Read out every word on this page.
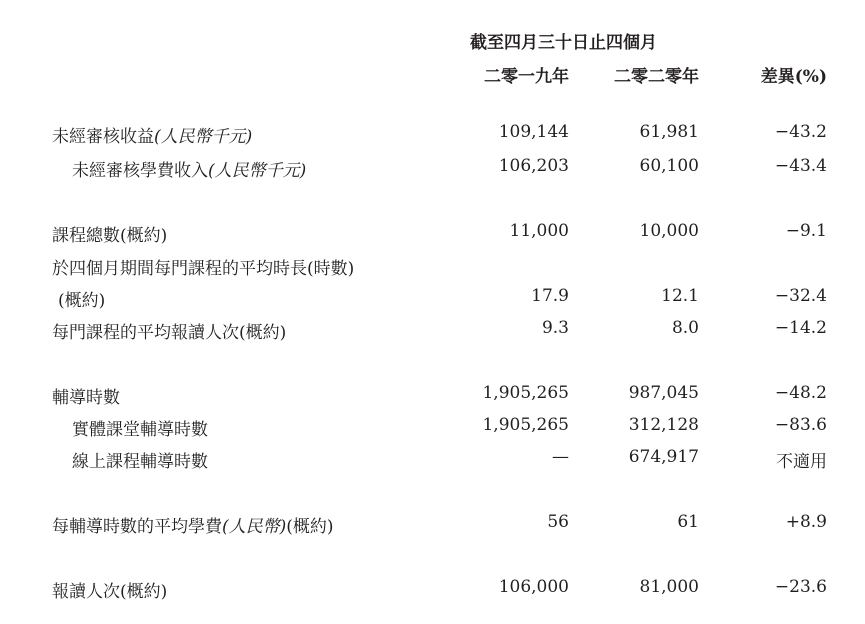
截至四月三十日止四個月
二零一九年	二零二零年	差異(%)
未經審核收益(人民幣千元)	109,144	61,981	−43.2
未經審核學費收入(人民幣千元)	106,203	60,100	−43.4
課程總數(概約)	11,000	10,000	−9.1
於四個月期間每門課程的平均時長(時數)
(概約)	17.9	12.1	−32.4
每門課程的平均報讀人次(概約)	9.3	8.0	−14.2
輔導時數	1,905,265	987,045	−48.2
實體課堂輔導時數	1,905,265	312,128	−83.6
線上課程輔導時數	—	674,917	不適用
每輔導時數的平均學費(人民幣)(概約)	56	61	+8.9
報讀人次(概約)	106,000	81,000	−23.6
